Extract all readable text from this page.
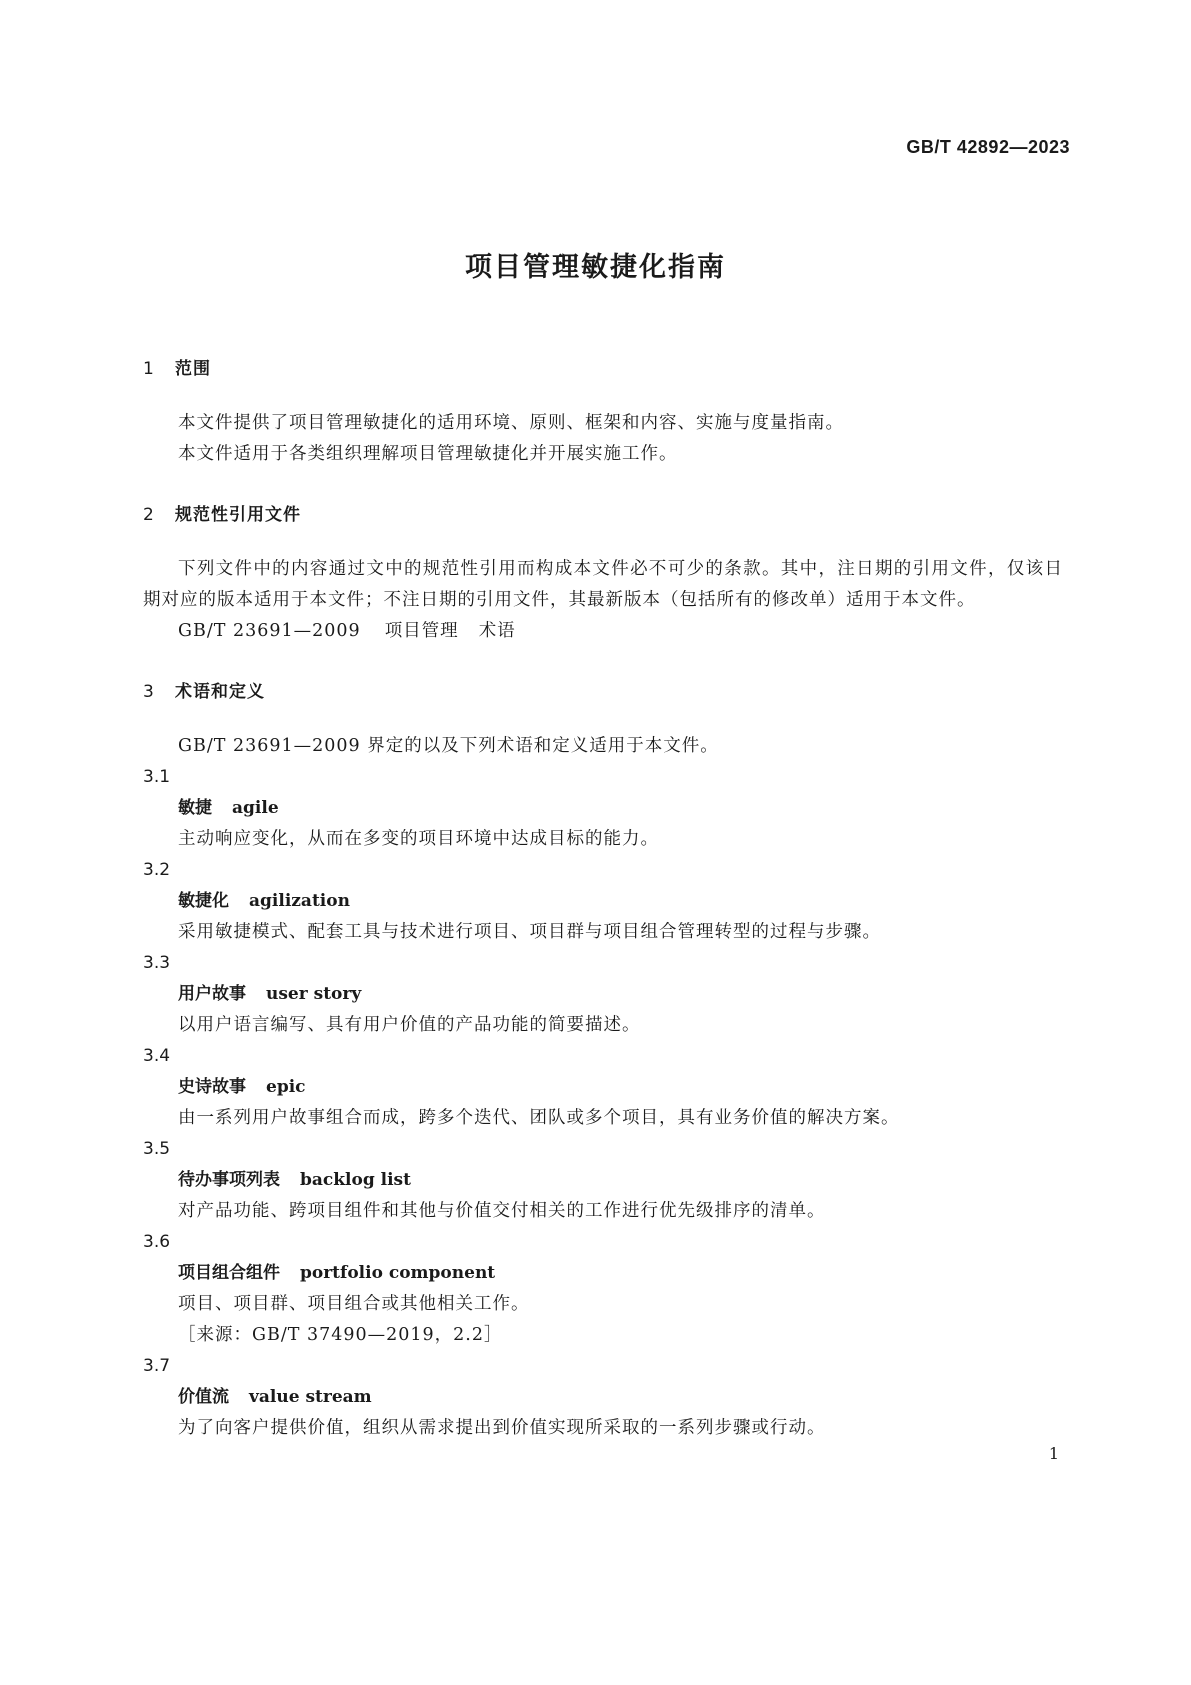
GB/T 42892—2023
项目管理敏捷化指南
1 范围

本文件提供了项目管理敏捷化的适用环境、原则、框架和内容、实施与度量指南。

本文件适用于各类组织理解项目管理敏捷化并开展实施工作。

2 规范性引用文件

下列文件中的内容通过文中的规范性引用而构成本文件必不可少的条款。其中，注日期的引用文件，仅该日期对应的版本适用于本文件；不注日期的引用文件，其最新版本（包括所有的修改单）适用于本文件。

GB/T 23691—2009 项目管理 术语

3 术语和定义

GB/T 23691—2009 界定的以及下列术语和定义适用于本文件。

3.1
敏捷 agile
主动响应变化，从而在多变的项目环境中达成目标的能力。
3.2
敏捷化 agilization
采用敏捷模式、配套工具与技术进行项目、项目群与项目组合管理转型的过程与步骤。
3.3
用户故事 user story
以用户语言编写、具有用户价值的产品功能的简要描述。
3.4
史诗故事 epic
由一系列用户故事组合而成，跨多个迭代、团队或多个项目，具有业务价值的解决方案。
3.5
待办事项列表 backlog list
对产品功能、跨项目组件和其他与价值交付相关的工作进行优先级排序的清单。
3.6
项目组合组件 portfolio component
项目、项目群、项目组合或其他相关工作。
［来源：GB/T 37490—2019，2.2］
3.7
价值流 value stream
为了向客户提供价值，组织从需求提出到价值实现所采取的一系列步骤或行动。
1
